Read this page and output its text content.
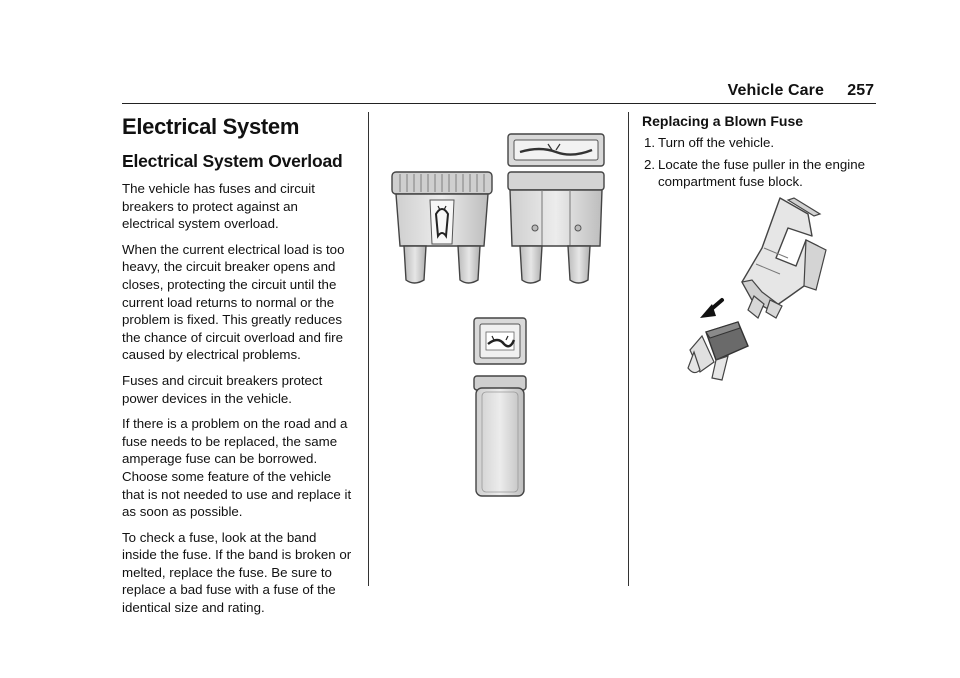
Vehicle Care 257
Electrical System
Electrical System Overload

The vehicle has fuses and circuit breakers to protect against an electrical system overload.

When the current electrical load is too heavy, the circuit breaker opens and closes, protecting the circuit until the current load returns to normal or the problem is fixed. This greatly reduces the chance of circuit overload and fire caused by electrical problems.

Fuses and circuit breakers protect power devices in the vehicle.

If there is a problem on the road and a fuse needs to be replaced, the same amperage fuse can be borrowed. Choose some feature of the vehicle that is not needed to use and replace it as soon as possible.

To check a fuse, look at the band inside the fuse. If the band is broken or melted, replace the fuse. Be sure to replace a bad fuse with a fuse of the identical size and rating.

Replacing a Blown Fuse
1. Turn off the vehicle.
2. Locate the fuse puller in the engine compartment fuse block.
